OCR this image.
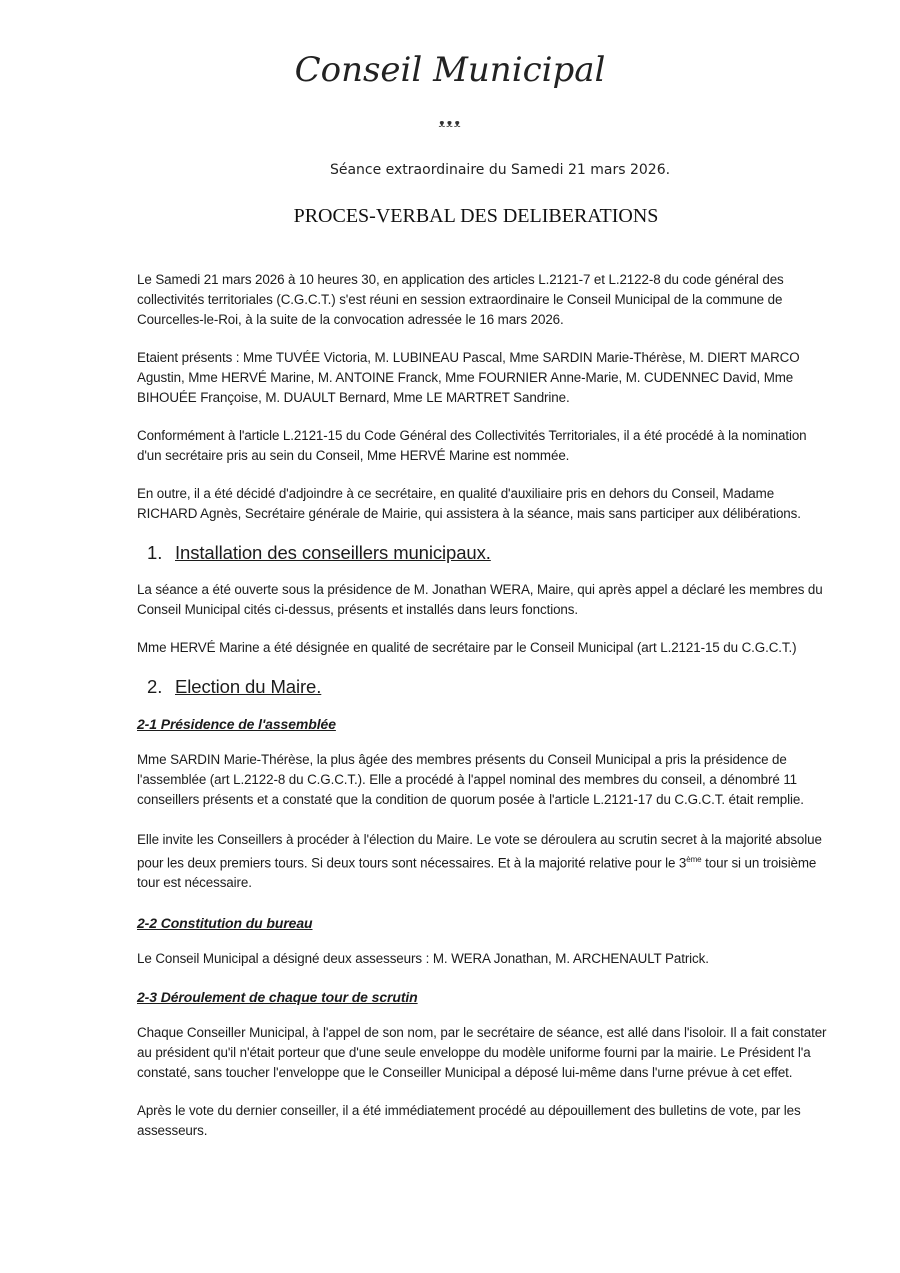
Conseil Municipal
ᴥᴥᴥ
Séance extraordinaire du Samedi 21 mars 2026.
PROCES-VERBAL DES DELIBERATIONS

Le Samedi 21 mars 2026 à 10 heures 30, en application des articles L.2121-7 et L.2122-8 du code général des collectivités territoriales (C.G.C.T.) s'est réuni en session extraordinaire le Conseil Municipal de la commune de Courcelles-le-Roi, à la suite de la convocation adressée le 16 mars 2026.

Etaient présents : Mme TUVÉE Victoria, M. LUBINEAU Pascal, Mme SARDIN Marie-Thérèse, M. DIERT MARCO Agustin, Mme HERVÉ Marine, M. ANTOINE Franck, Mme FOURNIER Anne-Marie, M. CUDENNEC David, Mme BIHOUÉE Françoise, M. DUAULT Bernard, Mme LE MARTRET Sandrine.

Conformément à l'article L.2121-15 du Code Général des Collectivités Territoriales, il a été procédé à la nomination d'un secrétaire pris au sein du Conseil, Mme HERVÉ Marine est nommée.

En outre, il a été décidé d'adjoindre à ce secrétaire, en qualité d'auxiliaire pris en dehors du Conseil, Madame RICHARD Agnès, Secrétaire générale de Mairie, qui assistera à la séance, mais sans participer aux délibérations.

1. Installation des conseillers municipaux.

La séance a été ouverte sous la présidence de M. Jonathan WERA, Maire, qui après appel a déclaré les membres du Conseil Municipal cités ci-dessus, présents et installés dans leurs fonctions.

Mme HERVÉ Marine a été désignée en qualité de secrétaire par le Conseil Municipal (art L.2121-15 du C.G.C.T.)

2. Election du Maire.
2-1 Présidence de l'assemblée

Mme SARDIN Marie-Thérèse, la plus âgée des membres présents du Conseil Municipal a pris la présidence de l'assemblée (art L.2122-8 du C.G.C.T.). Elle a procédé à l'appel nominal des membres du conseil, a dénombré 11 conseillers présents et a constaté que la condition de quorum posée à l'article L.2121-17 du C.G.C.T. était remplie.

Elle invite les Conseillers à procéder à l'élection du Maire. Le vote se déroulera au scrutin secret à la majorité absolue pour les deux premiers tours. Si deux tours sont nécessaires. Et à la majorité relative pour le 3ème tour si un troisième tour est nécessaire.

2-2 Constitution du bureau

Le Conseil Municipal a désigné deux assesseurs : M. WERA Jonathan, M. ARCHENAULT Patrick.

2-3 Déroulement de chaque tour de scrutin

Chaque Conseiller Municipal, à l'appel de son nom, par le secrétaire de séance, est allé dans l'isoloir. Il a fait constater au président qu'il n'était porteur que d'une seule enveloppe du modèle uniforme fourni par la mairie. Le Président l'a constaté, sans toucher l'enveloppe que le Conseiller Municipal a déposé lui-même dans l'urne prévue à cet effet.

Après le vote du dernier conseiller, il a été immédiatement procédé au dépouillement des bulletins de vote, par les assesseurs.
